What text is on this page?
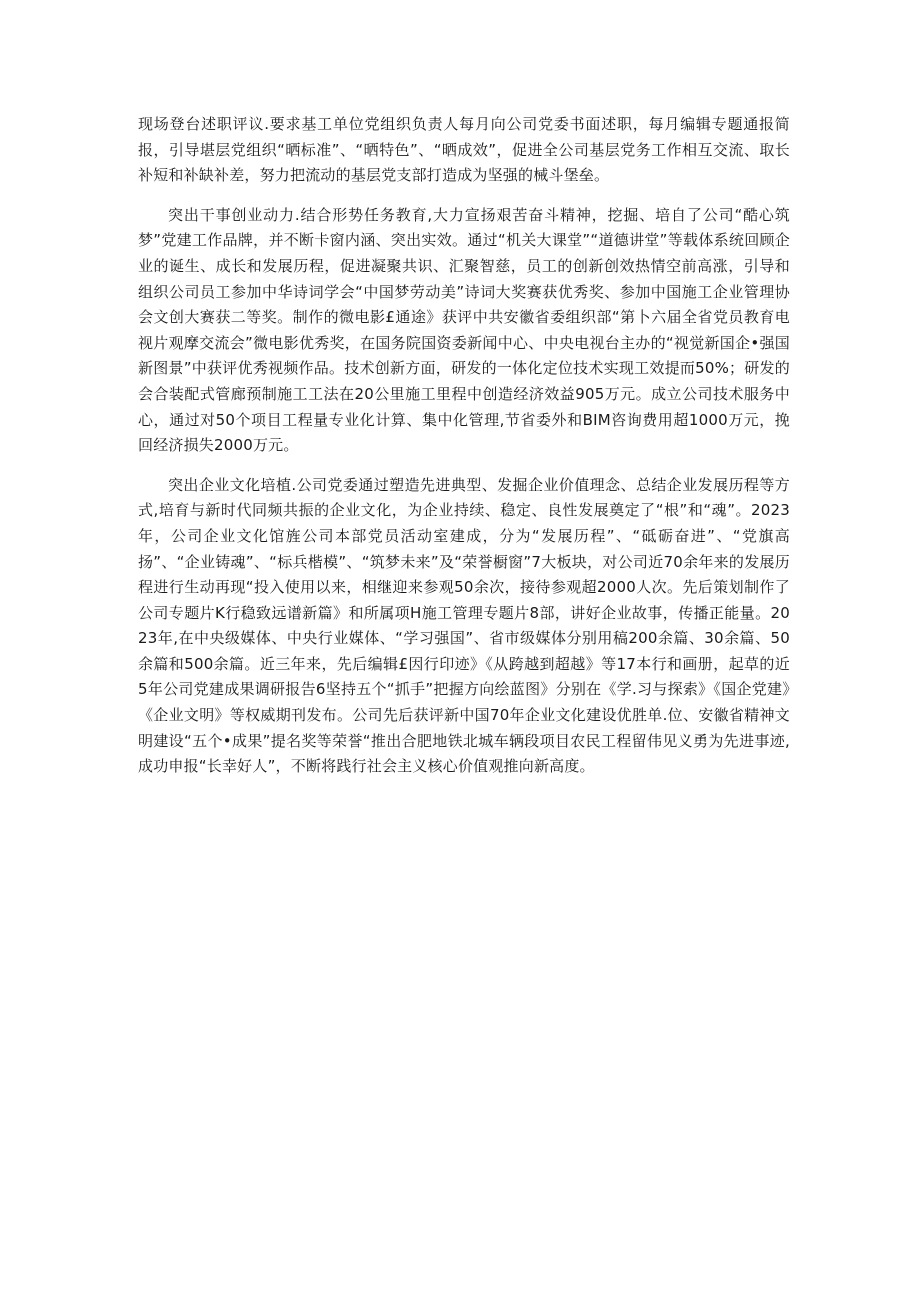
现场登台述职评议.要求基工单位党组织负责人每月向公司党委书面述职，每月编辑专题通报简报，引导堪层党组织“晒标准”、“晒特色”、“晒成效”，促进全公司基层党务工作相互交流、取长补短和补缺补差，努力把流动的基层党支部打造成为坚强的械斗堡垒。

突出干事创业动力.结合形势任务教育,大力宣扬艰苦奋斗精神，挖掘、培自了公司“酷心筑梦”党建工作品牌，并不断卡窗内涵、突出实效。通过“机关大课堂”“道德讲堂”等载体系统回顾企业的诞生、成长和发展历程，促进凝聚共识、汇聚智慈，员工的创新创效热情空前高涨，引导和组织公司员工参加中华诗词学会“中国梦劳动美”诗词大奖赛获优秀奖、参加中国施工企业管理协会文创大赛获二等奖。制作的微电影£通途》获评中共安徽省委组织部“第卜六届全省党员教育电视片观摩交流会”微电影优秀奖，在国务院国资委新闻中心、中央电视台主办的“视觉新国企•强国新图景”中获评优秀视频作品。技术创新方面，研发的一体化定位技术实现工效提而50%；研发的会合装配式管廊预制施工工法在20公里施工里程中创造经济效益905万元。成立公司技术服务中心，通过对50个项目工程量专业化计算、集中化管理,节省委外和BIM咨询费用超1000万元，挽回经济损失2000万元。

突出企业文化培植.公司党委通过塑造先进典型、发掘企业价值理念、总结企业发展历程等方式,培育与新时代同频共振的企业文化，为企业持续、稳定、良性发展奠定了“根”和“魂”。2023年，公司企业文化馆旌公司本部党员活动室建成，分为“发展历程”、“砥砺奋进”、“党旗高扬”、“企业铸魂”、“标兵楷模”、“筑梦未来”及“荣誉橱窗”7大板块，对公司近70余年来的发展历程进行生动再现“投入使用以来，相继迎来参观50余次，接待参观超2000人次。先后策划制作了公司专题片K行稳致远谱新篇》和所属项H施工管理专题片8部，讲好企业故事，传播正能量。2023年,在中央级媒体、中央行业媒体、“学习强国”、省市级媒体分别用稿200余篇、30余篇、50余篇和500余篇。近三年来，先后编辑£因行印迹》《从跨越到超越》等17本行和画册，起草的近5年公司党建成果调研报告6坚持五个“抓手”把握方向绘蓝图》分别在《学.习与探索》《国企党建》《企业文明》等权威期刊发布。公司先后获评新中国70年企业文化建设优胜单.位、安徽省精神文明建设“五个•成果”提名奖等荣誉“推出合肥地铁北城车辆段项目农民工程留伟见义勇为先进事迹,成功申报“长幸好人”，不断将践行社会主义核心价值观推向新高度。
